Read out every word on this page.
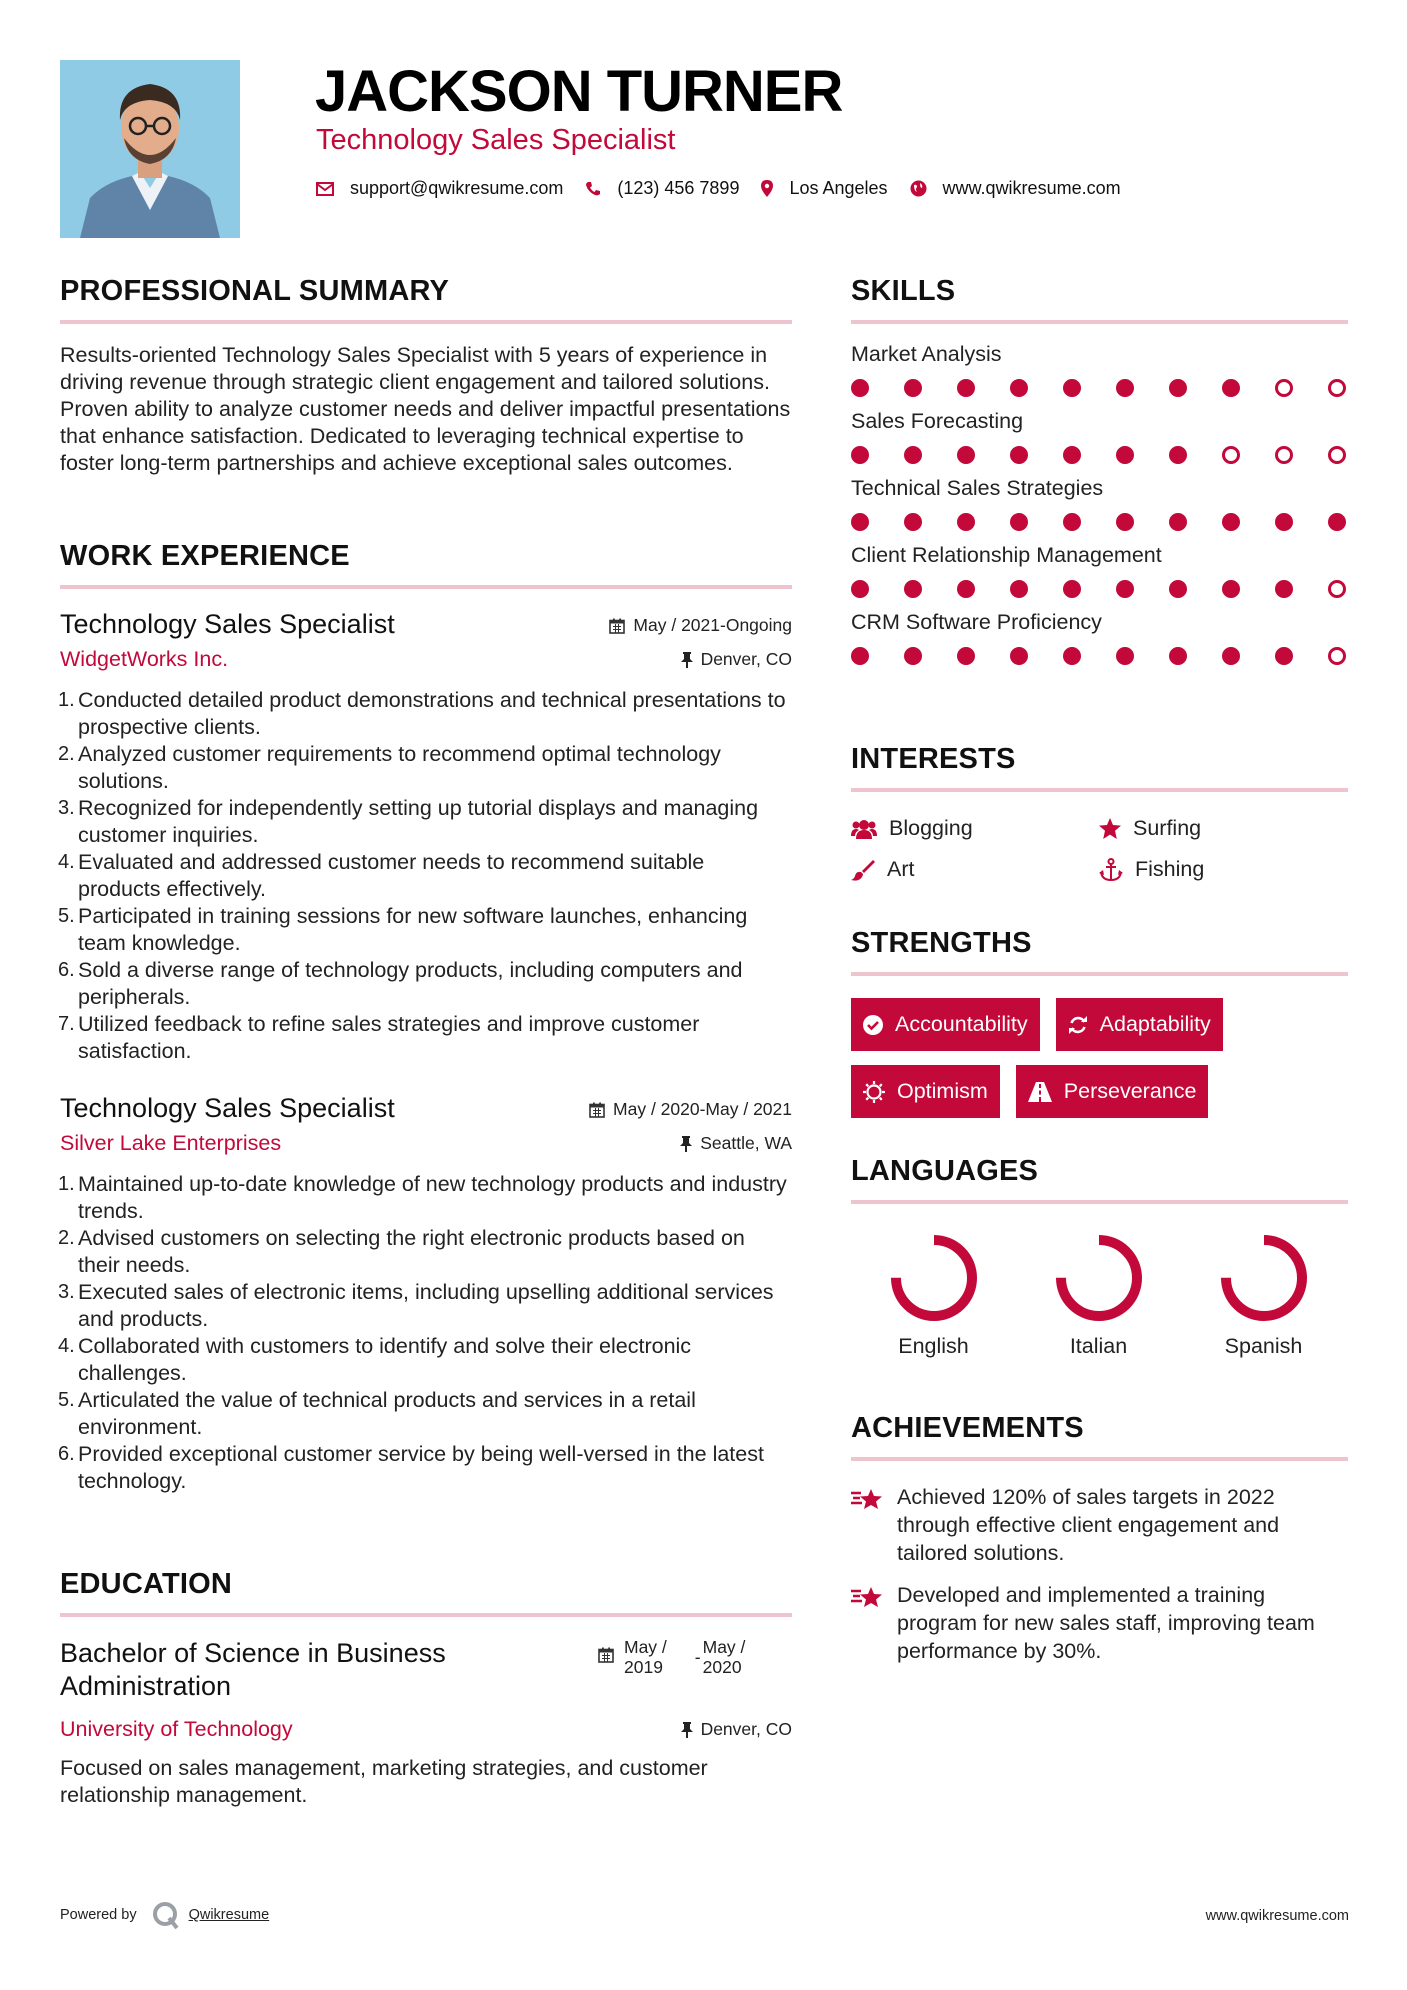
JACKSON TURNER
Technology Sales Specialist
support@qwikresume.com	(123) 456 7899	Los Angeles	www.qwikresume.com
PROFESSIONAL SUMMARY

Results-oriented Technology Sales Specialist with 5 years of experience in driving revenue through strategic client engagement and tailored solutions. Proven ability to analyze customer needs and deliver impactful presentations that enhance satisfaction. Dedicated to leveraging technical expertise to foster long-term partnerships and achieve exceptional sales outcomes.

WORK EXPERIENCE
Technology Sales Specialist
WidgetWorks Inc.
May / 2021-Ongoing
Denver, CO
1. Conducted detailed product demonstrations and technical presentations to prospective clients.
2. Analyzed customer requirements to recommend optimal technology solutions.
3. Recognized for independently setting up tutorial displays and managing customer inquiries.
4. Evaluated and addressed customer needs to recommend suitable products effectively.
5. Participated in training sessions for new software launches, enhancing team knowledge.
6. Sold a diverse range of technology products, including computers and peripherals.
7. Utilized feedback to refine sales strategies and improve customer satisfaction.
Technology Sales Specialist
Silver Lake Enterprises
May / 2020-May / 2021
Seattle, WA
1. Maintained up-to-date knowledge of new technology products and industry trends.
2. Advised customers on selecting the right electronic products based on their needs.
3. Executed sales of electronic items, including upselling additional services and products.
4. Collaborated with customers to identify and solve their electronic challenges.
5. Articulated the value of technical products and services in a retail environment.
6. Provided exceptional customer service by being well-versed in the latest technology.
EDUCATION
Bachelor of Science in Business
Administration
University of Technology
May /
2019 - May /
2020
Denver, CO

Focused on sales management, marketing strategies, and customer relationship management.

SKILLS
Market Analysis
Sales Forecasting
Technical Sales Strategies
Client Relationship Management
CRM Software Proficiency
INTERESTS
Blogging	Surfing
Art	Fishing
STRENGTHS
Accountability	Adaptability
Optimism	Perseverance
LANGUAGES
English	Italian	Spanish
ACHIEVEMENTS
Achieved 120% of sales targets in 2022 through effective client engagement and tailored solutions.
Developed and implemented a training program for new sales staff, improving team performance by 30%.
Powered by	Qwikresume	www.qwikresume.com
